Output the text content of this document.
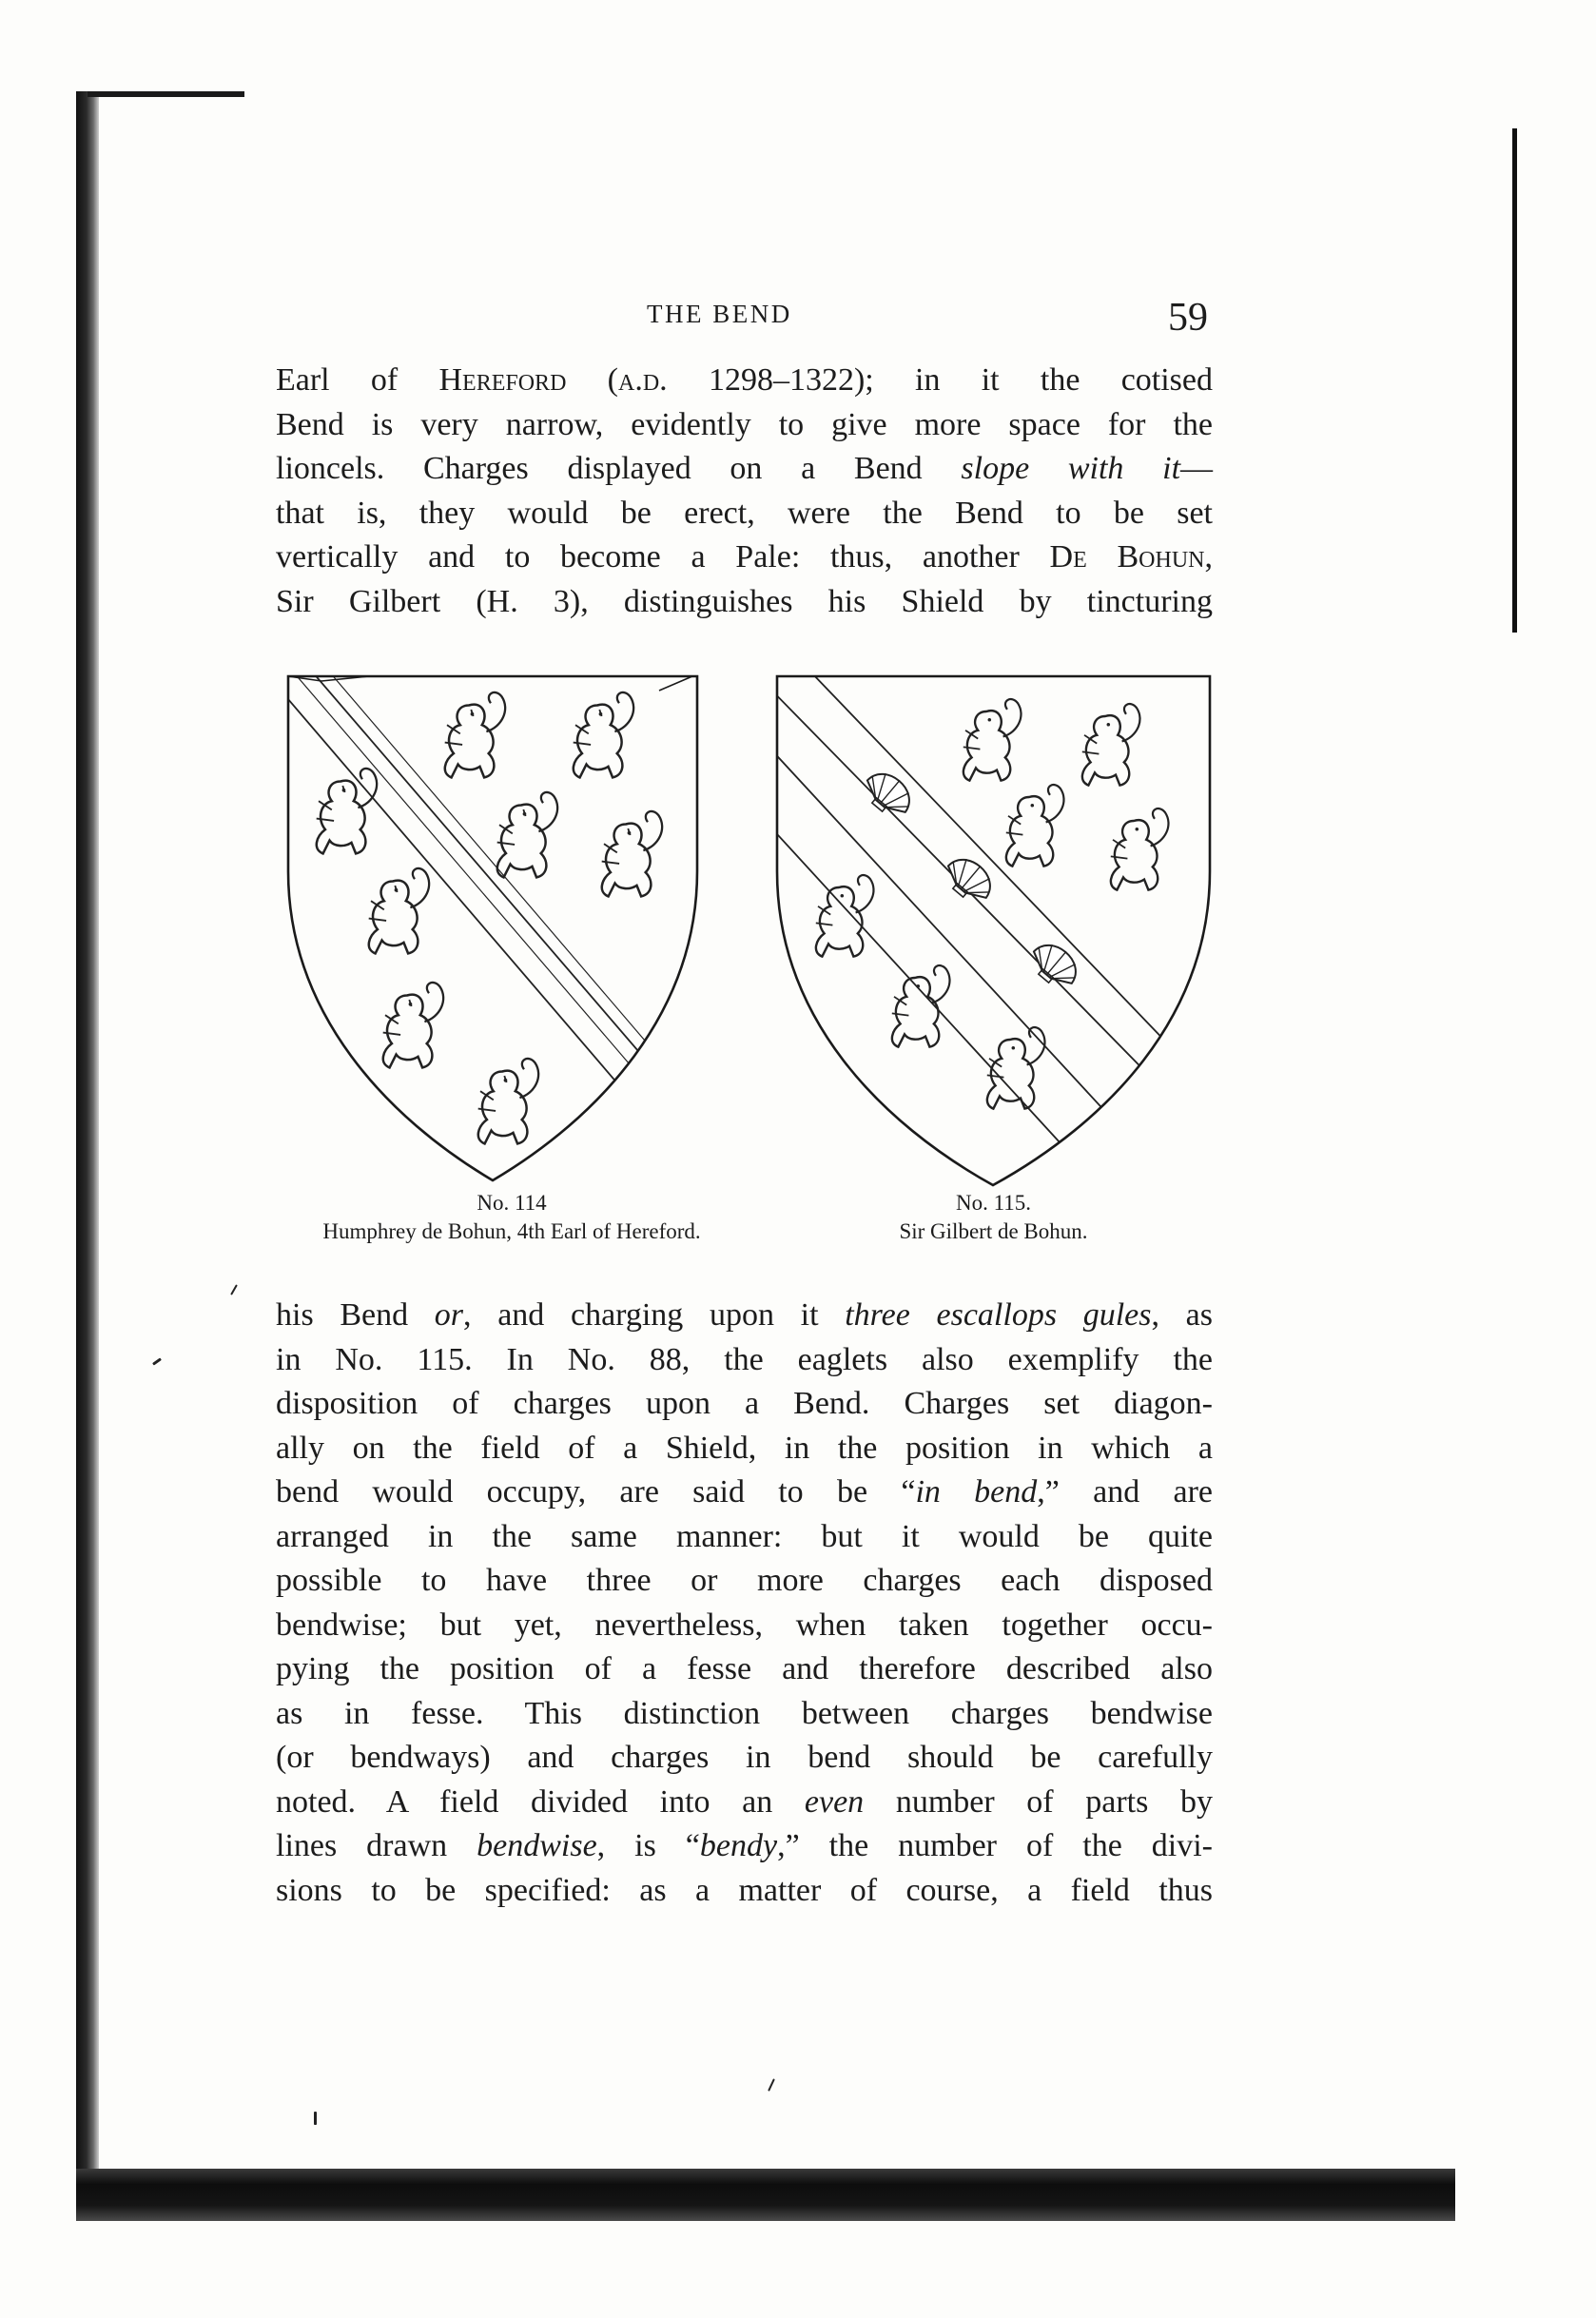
THE BEND	59
Earl of Hereford (a.d. 1298–1322); in it the cotised
Bend is very narrow, evidently to give more space for the
lioncels. Charges displayed on a Bend slope with it—
that is, they would be erect, were the Bend to be set
vertically and to become a Pale: thus, another De Bohun,
Sir Gilbert (H. 3), distinguishes his Shield by tincturing
No. 114
Humphrey de Bohun, 4th Earl of Hereford.
No. 115.
Sir Gilbert de Bohun.
his Bend or, and charging upon it three escallops gules, as
in No. 115. In No. 88, the eaglets also exemplify the
disposition of charges upon a Bend. Charges set diagon-
ally on the field of a Shield, in the position in which a
bend would occupy, are said to be “in bend,” and are
arranged in the same manner: but it would be quite
possible to have three or more charges each disposed
bendwise; but yet, nevertheless, when taken together occu-
pying the position of a fesse and therefore described also
as in fesse. This distinction between charges bendwise
(or bendways) and charges in bend should be carefully
noted. A field divided into an even number of parts by
lines drawn bendwise, is “bendy,” the number of the divi-
sions to be specified: as a matter of course, a field thus
